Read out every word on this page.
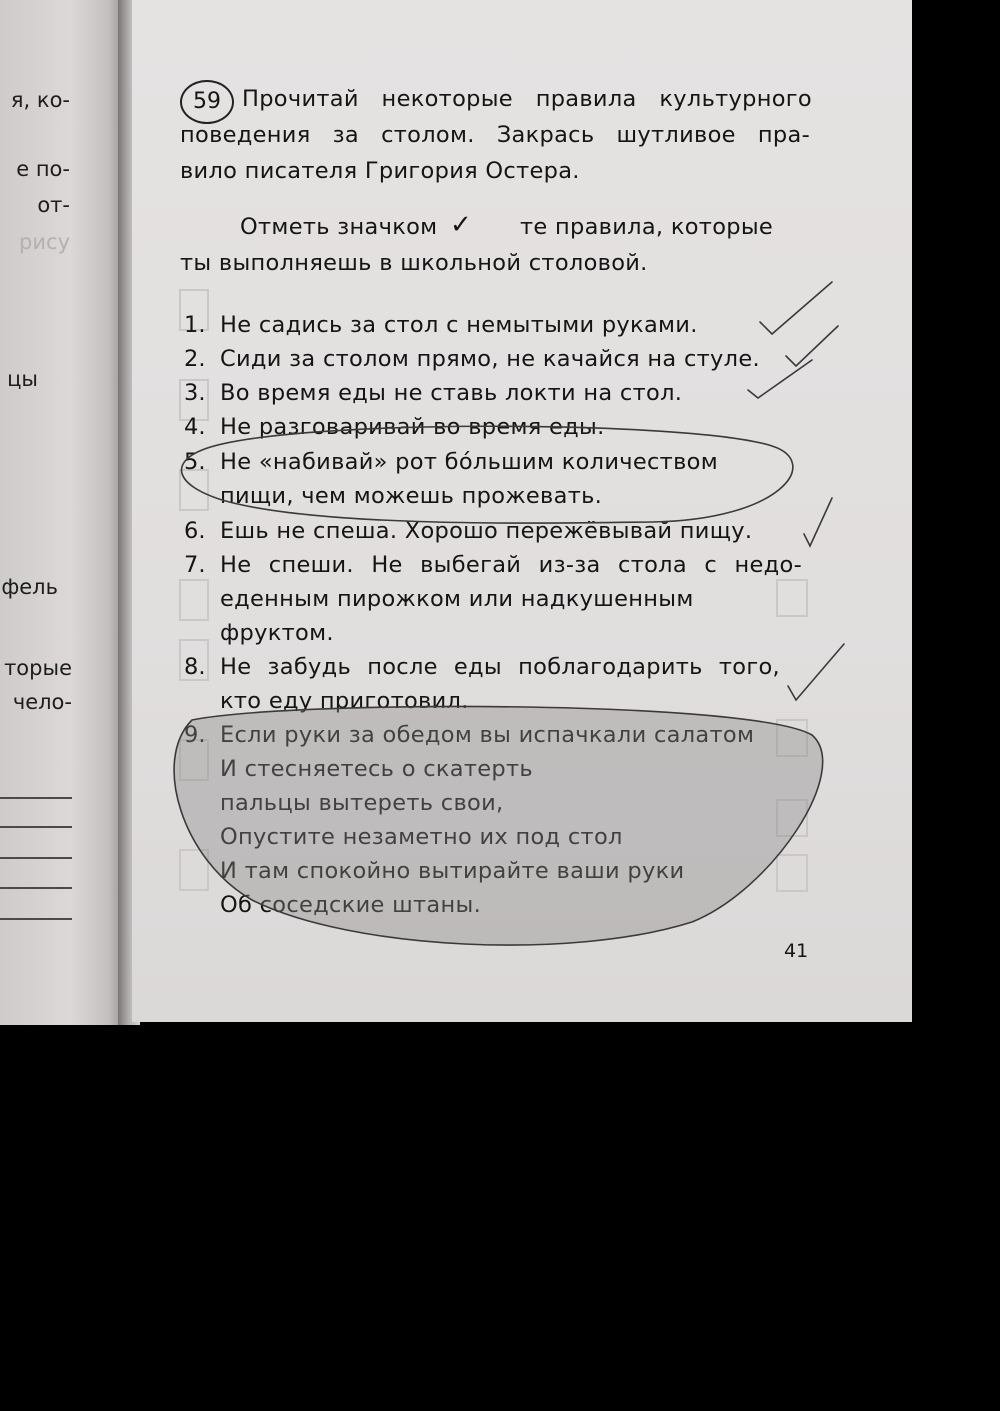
я, ко-
е по-
от-
рису
цы
фель
торые
чело-
59 Прочитай некоторые правила культурного
поведения за столом. Закрась шутливое пра-
вило писателя Григория Остера.
Отметь значком ✓ те правила, которые
ты выполняешь в школьной столовой.
1. Не садись за стол с немытыми руками.
2. Сиди за столом прямо, не качайся на стуле.
3. Во время еды не ставь локти на стол.
4. Не разговаривай во время еды.
5. Не «набивай» рот бо́льшим количеством
пищи, чем можешь прожевать.
6. Ешь не спеша. Хорошо пережёвывай пищу.
7. Не спеши. Не выбегай из-за стола с недо-
еденным пирожком или надкушенным
фруктом.
8. Не забудь после еды поблагодарить того,
кто еду приготовил.
9. Если руки за обедом вы испачкали салатом
И стесняетесь о скатерть
пальцы вытереть свои,
Опустите незаметно их под стол
И там спокойно вытирайте ваши руки
Об соседские штаны.
41
